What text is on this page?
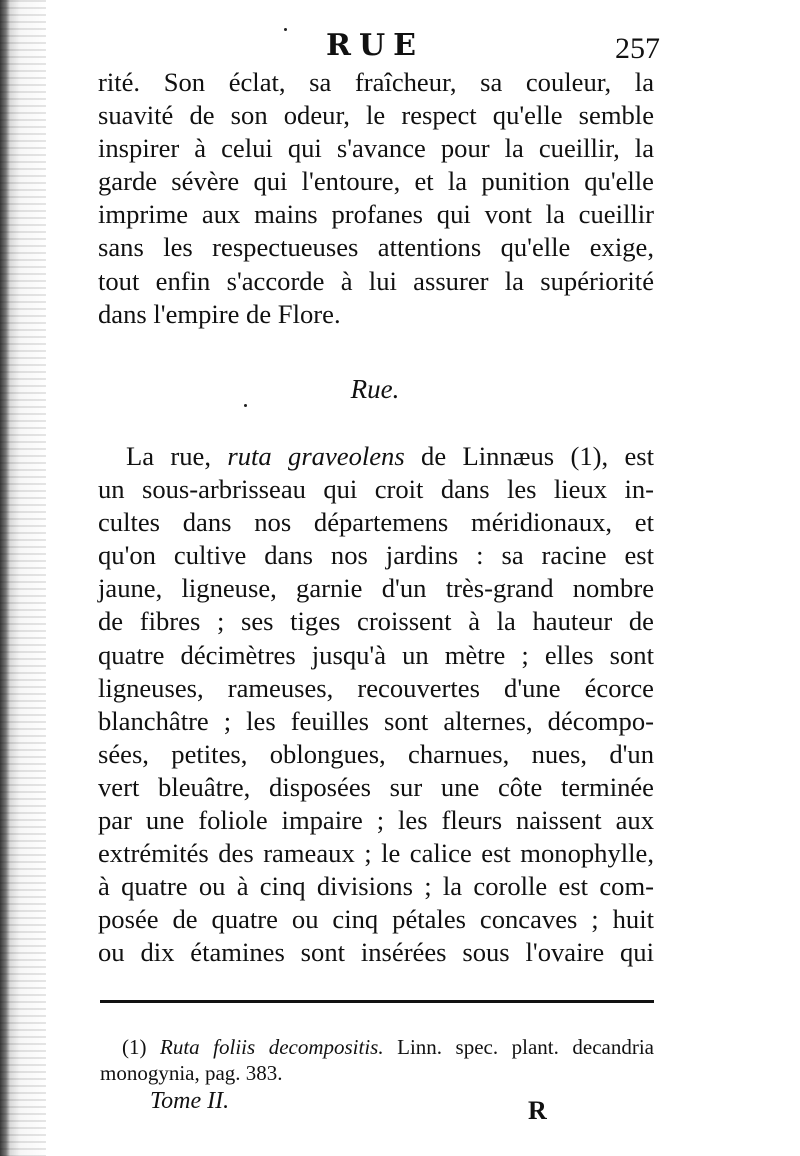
RUE	257
rité. Son éclat, sa fraîcheur, sa couleur, la
suavité de son odeur, le respect qu'elle semble
inspirer à celui qui s'avance pour la cueillir, la
garde sévère qui l'entoure, et la punition qu'elle
imprime aux mains profanes qui vont la cueillir
sans les respectueuses attentions qu'elle exige,
tout enfin s'accorde à lui assurer la supériorité
dans l'empire de Flore.
Rue.
La rue, ruta graveolens de Linnæus (1), est
un sous-arbrisseau qui croit dans les lieux in-
cultes dans nos départemens méridionaux, et
qu'on cultive dans nos jardins : sa racine est
jaune, ligneuse, garnie d'un très-grand nombre
de fibres ; ses tiges croissent à la hauteur de
quatre décimètres jusqu'à un mètre ; elles sont
ligneuses, rameuses, recouvertes d'une écorce
blanchâtre ; les feuilles sont alternes, décompo-
sées, petites, oblongues, charnues, nues, d'un
vert bleuâtre, disposées sur une côte terminée
par une foliole impaire ; les fleurs naissent aux
extrémités des rameaux ; le calice est monophylle,
à quatre ou à cinq divisions ; la corolle est com-
posée de quatre ou cinq pétales concaves ; huit
ou dix étamines sont insérées sous l'ovaire qui
(1) Ruta foliis decompositis. Linn. spec. plant. decandria
monogynia, pag. 383.
Tome II.	R
